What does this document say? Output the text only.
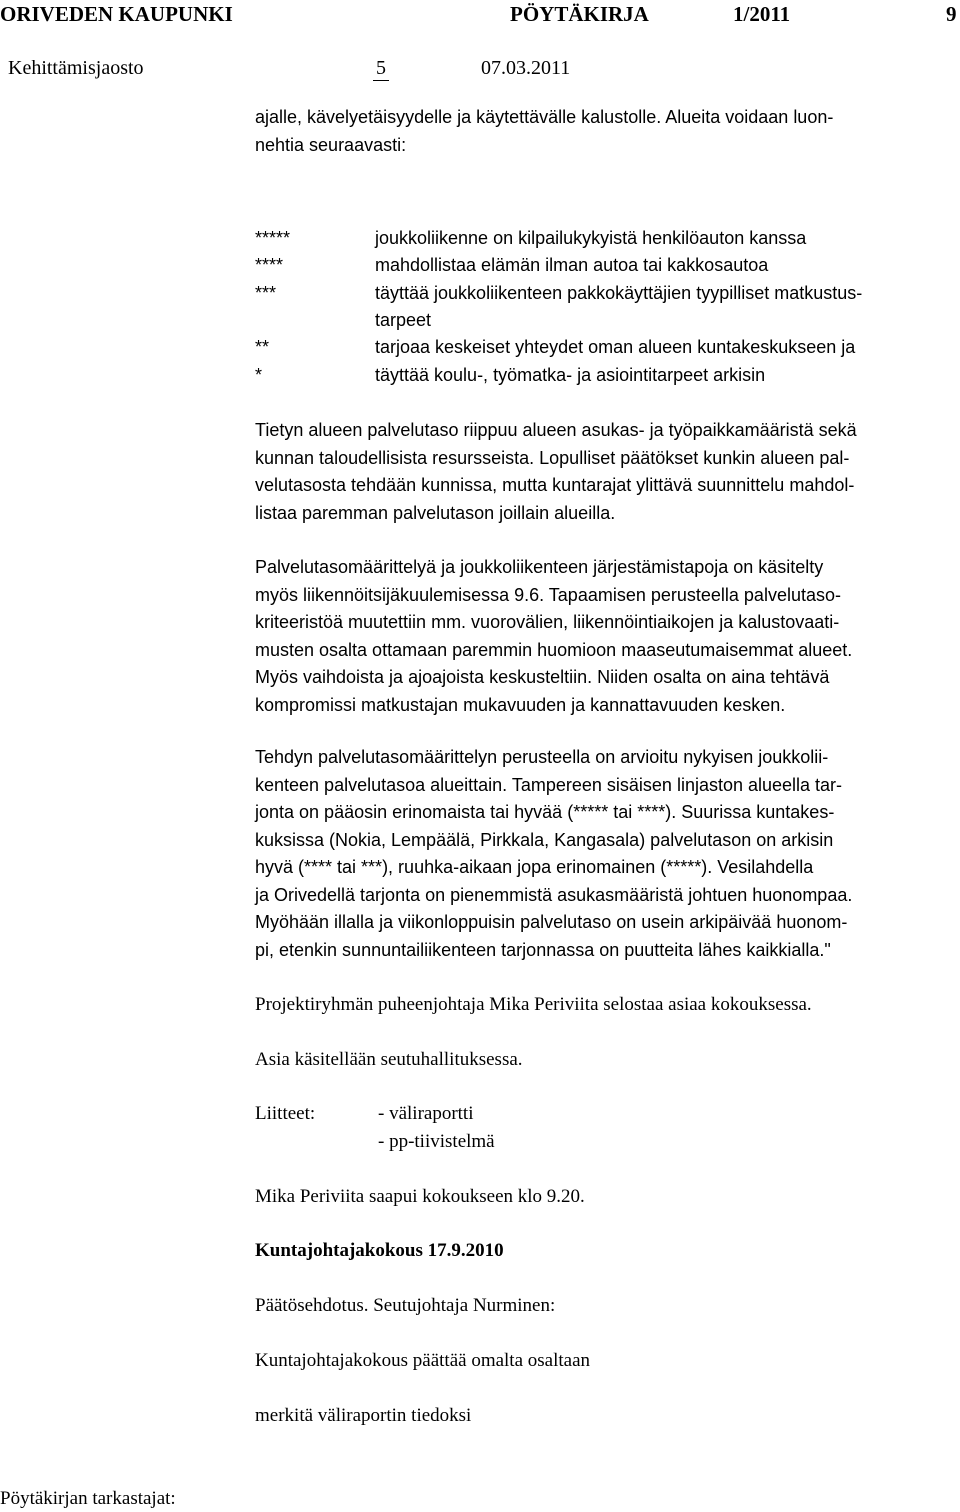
ORIVEDEN KAUPUNKI	PÖYTÄKIRJA	1/2011	9
Kehittämisjaosto	5	07.03.2011
ajalle, kävelyetäisyydelle ja käytettävälle kalustolle. Alueita voidaan luon-
nehtia seuraavasti:
*****	joukkoliikenne on kilpailukykyistä henkilöauton kanssa
****	mahdollistaa elämän ilman autoa tai kakkosautoa
***	täyttää joukkoliikenteen pakkokäyttäjien tyypilliset matkustus-
tarpeet
**	tarjoaa keskeiset yhteydet oman alueen kuntakeskukseen ja
*	täyttää koulu-, työmatka- ja asiointitarpeet arkisin
Tietyn alueen palvelutaso riippuu alueen asukas- ja työpaikkamääristä sekä
kunnan taloudellisista resursseista. Lopulliset päätökset kunkin alueen pal-
velutasosta tehdään kunnissa, mutta kuntarajat ylittävä suunnittelu mahdol-
listaa paremman palvelutason joillain alueilla.
Palvelutasomäärittelyä ja joukkoliikenteen järjestämistapoja on käsitelty
myös liikennöitsijäkuulemisessa 9.6. Tapaamisen perusteella palvelutaso-
kriteeristöä muutettiin mm. vuorovälien, liikennöintiaikojen ja kalustovaati-
musten osalta ottamaan paremmin huomioon maaseutumaisemmat alueet.
Myös vaihdoista ja ajoajoista keskusteltiin. Niiden osalta on aina tehtävä
kompromissi matkustajan mukavuuden ja kannattavuuden kesken.
Tehdyn palvelutasomäärittelyn perusteella on arvioitu nykyisen joukkolii-
kenteen palvelutasoa alueittain. Tampereen sisäisen linjaston alueella tar-
jonta on pääosin erinomaista tai hyvää (***** tai ****). Suurissa kuntakes-
kuksissa (Nokia, Lempäälä, Pirkkala, Kangasala) palvelutason on arkisin
hyvä (**** tai ***), ruuhka-aikaan jopa erinomainen (*****). Vesilahdella
ja Orivedellä tarjonta on pienemmistä asukasmääristä johtuen huonompaa.
Myöhään illalla ja viikonloppuisin palvelutaso on usein arkipäivää huonom-
pi, etenkin sunnuntailiikenteen tarjonnassa on puutteita lähes kaikkialla."
Projektiryhmän puheenjohtaja Mika Periviita selostaa asiaa kokouksessa.
Asia käsitellään seutuhallituksessa.
Liitteet:	- väliraportti
- pp-tiivistelmä
Mika Periviita saapui kokoukseen klo 9.20.
Kuntajohtajakokous 17.9.2010
Päätösehdotus. Seutujohtaja Nurminen:
Kuntajohtajakokous päättää omalta osaltaan
merkitä väliraportin tiedoksi
Pöytäkirjan tarkastajat:
